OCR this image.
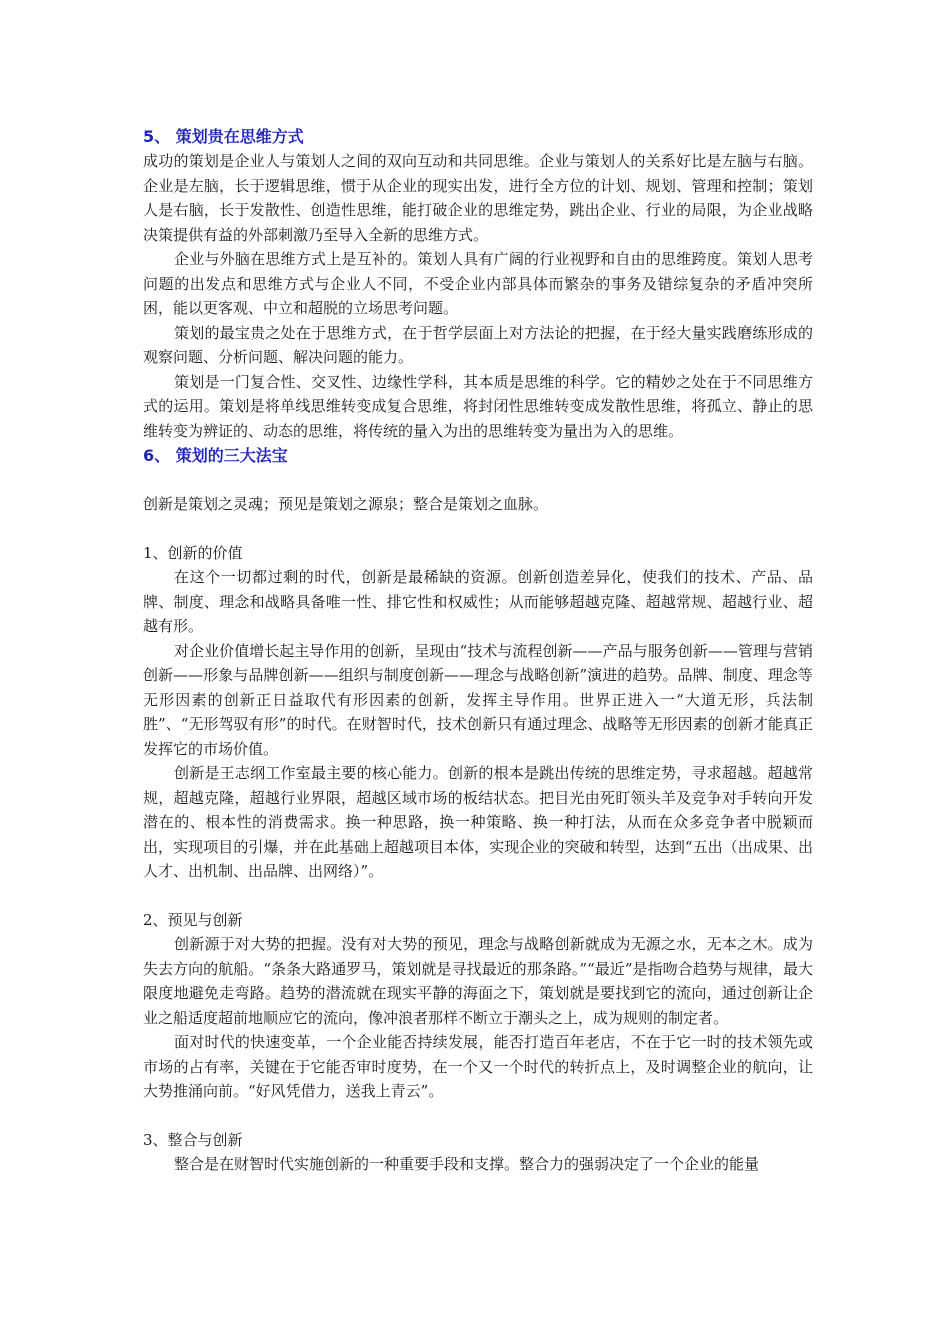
5、 策划贵在思维方式

成功的策划是企业人与策划人之间的双向互动和共同思维。企业与策划人的关系好比是左脑与右脑。企业是左脑，长于逻辑思维，惯于从企业的现实出发，进行全方位的计划、规划、管理和控制；策划人是右脑，长于发散性、创造性思维，能打破企业的思维定势，跳出企业、行业的局限，为企业战略决策提供有益的外部刺激乃至导入全新的思维方式。

企业与外脑在思维方式上是互补的。策划人具有广阔的行业视野和自由的思维跨度。策划人思考问题的出发点和思维方式与企业人不同，不受企业内部具体而繁杂的事务及错综复杂的矛盾冲突所困，能以更客观、中立和超脱的立场思考问题。

策划的最宝贵之处在于思维方式，在于哲学层面上对方法论的把握，在于经大量实践磨练形成的观察问题、分析问题、解决问题的能力。

策划是一门复合性、交叉性、边缘性学科，其本质是思维的科学。它的精妙之处在于不同思维方式的运用。策划是将单线思维转变成复合思维，将封闭性思维转变成发散性思维，将孤立、静止的思维转变为辨证的、动态的思维，将传统的量入为出的思维转变为量出为入的思维。

6、 策划的三大法宝

创新是策划之灵魂；预见是策划之源泉；整合是策划之血脉。

1、创新的价值

在这个一切都过剩的时代，创新是最稀缺的资源。创新创造差异化，使我们的技术、产品、品牌、制度、理念和战略具备唯一性、排它性和权威性；从而能够超越克隆、超越常规、超越行业、超越有形。

对企业价值增长起主导作用的创新，呈现由“技术与流程创新——产品与服务创新——管理与营销创新——形象与品牌创新——组织与制度创新——理念与战略创新”演进的趋势。品牌、制度、理念等无形因素的创新正日益取代有形因素的创新，发挥主导作用。世界正进入一“大道无形，兵法制胜”、“无形驾驭有形”的时代。在财智时代，技术创新只有通过理念、战略等无形因素的创新才能真正发挥它的市场价值。

创新是王志纲工作室最主要的核心能力。创新的根本是跳出传统的思维定势，寻求超越。超越常规，超越克隆，超越行业界限，超越区域市场的板结状态。把目光由死盯领头羊及竞争对手转向开发潜在的、根本性的消费需求。换一种思路，换一种策略、换一种打法，从而在众多竞争者中脱颖而出，实现项目的引爆，并在此基础上超越项目本体，实现企业的突破和转型，达到“五出（出成果、出人才、出机制、出品牌、出网络）”。

2、预见与创新

创新源于对大势的把握。没有对大势的预见，理念与战略创新就成为无源之水，无本之木。成为失去方向的航船。“条条大路通罗马，策划就是寻找最近的那条路。”“最近”是指吻合趋势与规律，最大限度地避免走弯路。趋势的潜流就在现实平静的海面之下，策划就是要找到它的流向，通过创新让企业之船适度超前地顺应它的流向，像冲浪者那样不断立于潮头之上，成为规则的制定者。

面对时代的快速变革，一个企业能否持续发展，能否打造百年老店，不在于它一时的技术领先或市场的占有率，关键在于它能否审时度势，在一个又一个时代的转折点上，及时调整企业的航向，让大势推涌向前。“好风凭借力，送我上青云”。

3、整合与创新

整合是在财智时代实施创新的一种重要手段和支撑。整合力的强弱决定了一个企业的能量
